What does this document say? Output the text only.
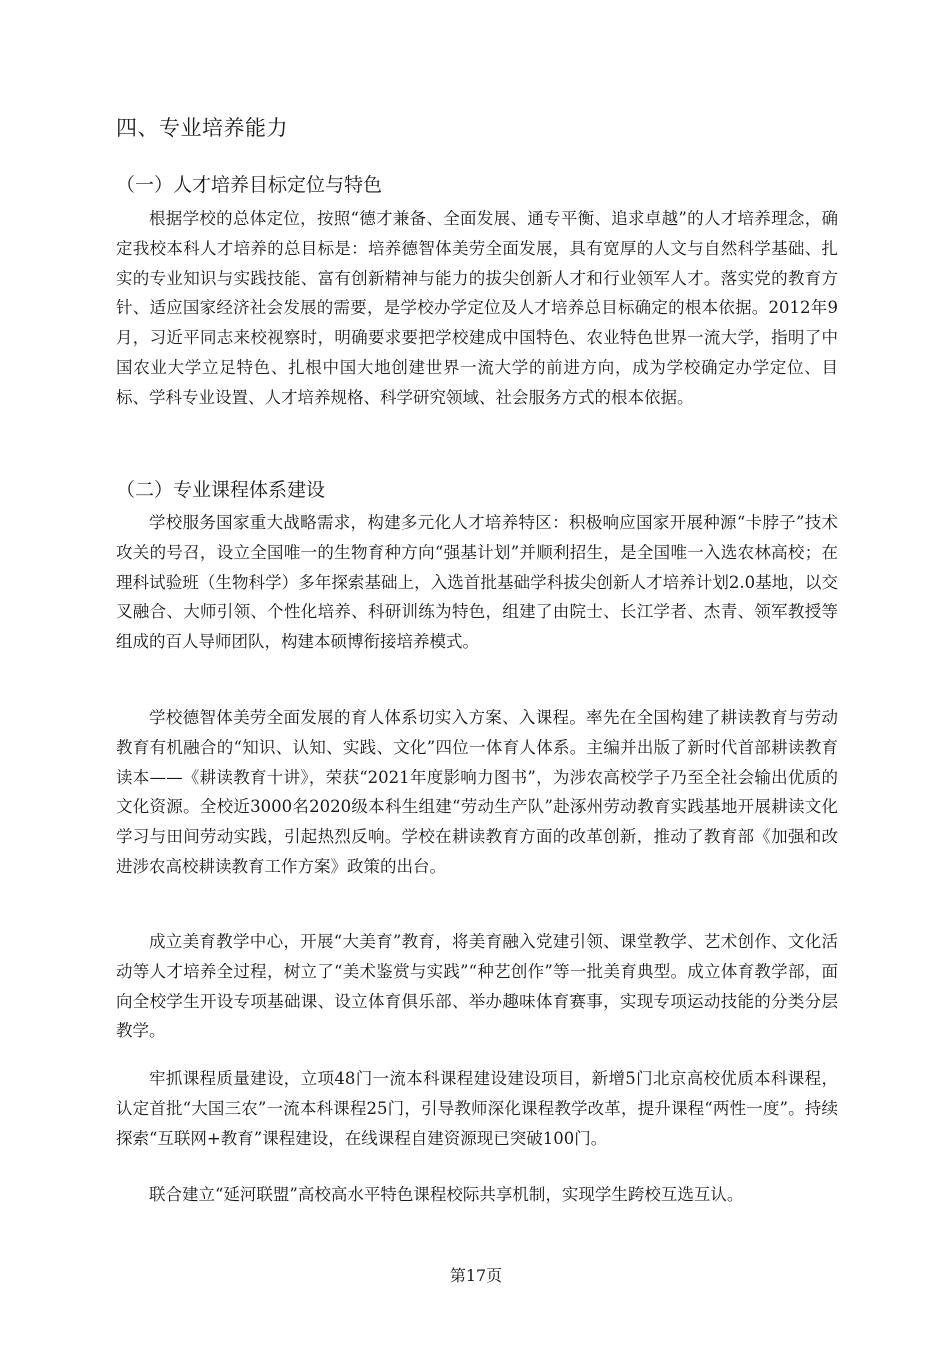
四、专业培养能力
（一）人才培养目标定位与特色

根据学校的总体定位，按照“德才兼备、全面发展、通专平衡、追求卓越”的人才培养理念，确定我校本科人才培养的总目标是：培养德智体美劳全面发展，具有宽厚的人文与自然科学基础、扎实的专业知识与实践技能、富有创新精神与能力的拔尖创新人才和行业领军人才。落实党的教育方针、适应国家经济社会发展的需要，是学校办学定位及人才培养总目标确定的根本依据。2012年9月，习近平同志来校视察时，明确要求要把学校建成中国特色、农业特色世界一流大学，指明了中国农业大学立足特色、扎根中国大地创建世界一流大学的前进方向，成为学校确定办学定位、目标、学科专业设置、人才培养规格、科学研究领域、社会服务方式的根本依据。

（二）专业课程体系建设

学校服务国家重大战略需求，构建多元化人才培养特区：积极响应国家开展种源“卡脖子”技术攻关的号召，设立全国唯一的生物育种方向“强基计划”并顺利招生，是全国唯一入选农林高校；在理科试验班（生物科学）多年探索基础上，入选首批基础学科拔尖创新人才培养计划2.0基地，以交叉融合、大师引领、个性化培养、科研训练为特色，组建了由院士、长江学者、杰青、领军教授等组成的百人导师团队，构建本硕博衔接培养模式。

学校德智体美劳全面发展的育人体系切实入方案、入课程。率先在全国构建了耕读教育与劳动教育有机融合的“知识、认知、实践、文化”四位一体育人体系。主编并出版了新时代首部耕读教育读本——《耕读教育十讲》，荣获“2021年度影响力图书”，为涉农高校学子乃至全社会输出优质的文化资源。全校近3000名2020级本科生组建“劳动生产队”赴涿州劳动教育实践基地开展耕读文化学习与田间劳动实践，引起热烈反响。学校在耕读教育方面的改革创新，推动了教育部《加强和改进涉农高校耕读教育工作方案》政策的出台。

成立美育教学中心，开展“大美育”教育，将美育融入党建引领、课堂教学、艺术创作、文化活动等人才培养全过程，树立了“美术鉴赏与实践”“种艺创作”等一批美育典型。成立体育教学部，面向全校学生开设专项基础课、设立体育俱乐部、举办趣味体育赛事，实现专项运动技能的分类分层教学。

牢抓课程质量建设，立项48门一流本科课程建设建设项目，新增5门北京高校优质本科课程，认定首批“大国三农”一流本科课程25门，引导教师深化课程教学改革，提升课程“两性一度”。持续探索“互联网+教育”课程建设，在线课程自建资源现已突破100门。

联合建立“延河联盟”高校高水平特色课程校际共享机制，实现学生跨校互选互认。

第17页
